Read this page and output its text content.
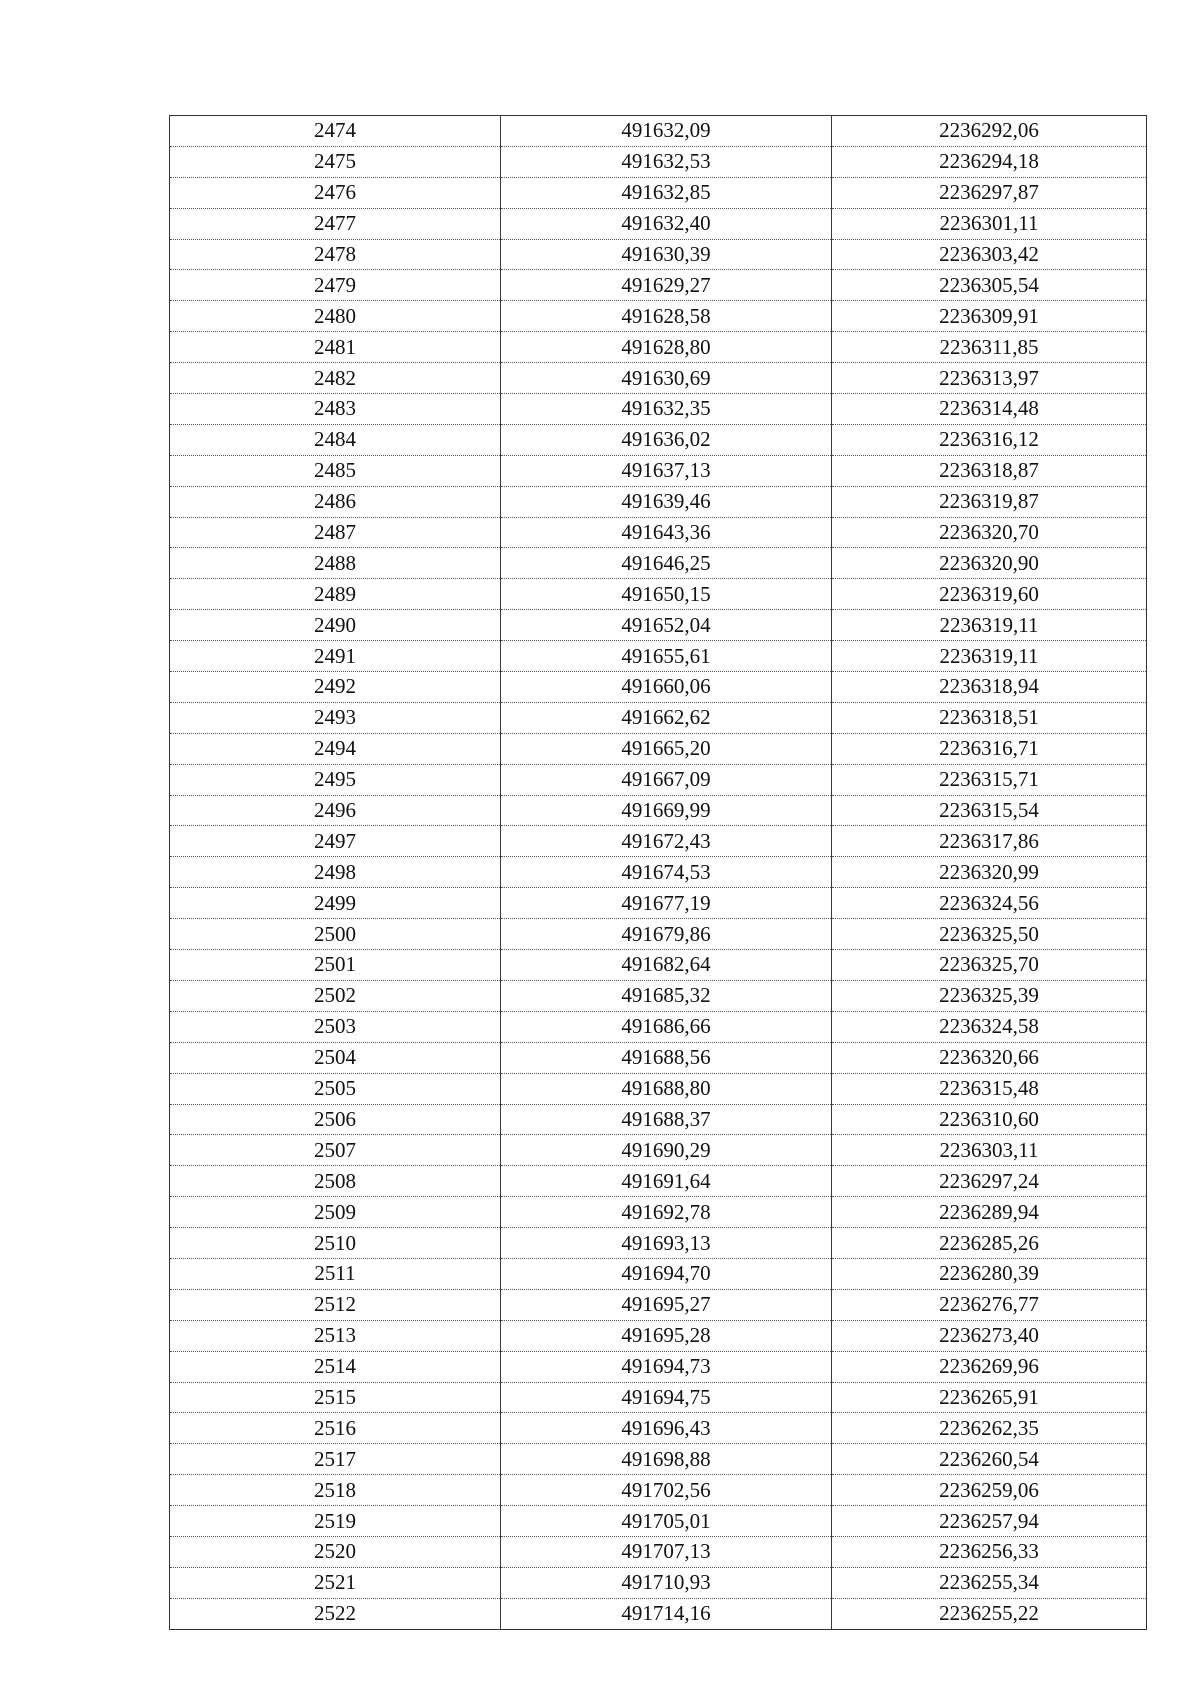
2474	491632,09	2236292,06
2475	491632,53	2236294,18
2476	491632,85	2236297,87
2477	491632,40	2236301,11
2478	491630,39	2236303,42
2479	491629,27	2236305,54
2480	491628,58	2236309,91
2481	491628,80	2236311,85
2482	491630,69	2236313,97
2483	491632,35	2236314,48
2484	491636,02	2236316,12
2485	491637,13	2236318,87
2486	491639,46	2236319,87
2487	491643,36	2236320,70
2488	491646,25	2236320,90
2489	491650,15	2236319,60
2490	491652,04	2236319,11
2491	491655,61	2236319,11
2492	491660,06	2236318,94
2493	491662,62	2236318,51
2494	491665,20	2236316,71
2495	491667,09	2236315,71
2496	491669,99	2236315,54
2497	491672,43	2236317,86
2498	491674,53	2236320,99
2499	491677,19	2236324,56
2500	491679,86	2236325,50
2501	491682,64	2236325,70
2502	491685,32	2236325,39
2503	491686,66	2236324,58
2504	491688,56	2236320,66
2505	491688,80	2236315,48
2506	491688,37	2236310,60
2507	491690,29	2236303,11
2508	491691,64	2236297,24
2509	491692,78	2236289,94
2510	491693,13	2236285,26
2511	491694,70	2236280,39
2512	491695,27	2236276,77
2513	491695,28	2236273,40
2514	491694,73	2236269,96
2515	491694,75	2236265,91
2516	491696,43	2236262,35
2517	491698,88	2236260,54
2518	491702,56	2236259,06
2519	491705,01	2236257,94
2520	491707,13	2236256,33
2521	491710,93	2236255,34
2522	491714,16	2236255,22
